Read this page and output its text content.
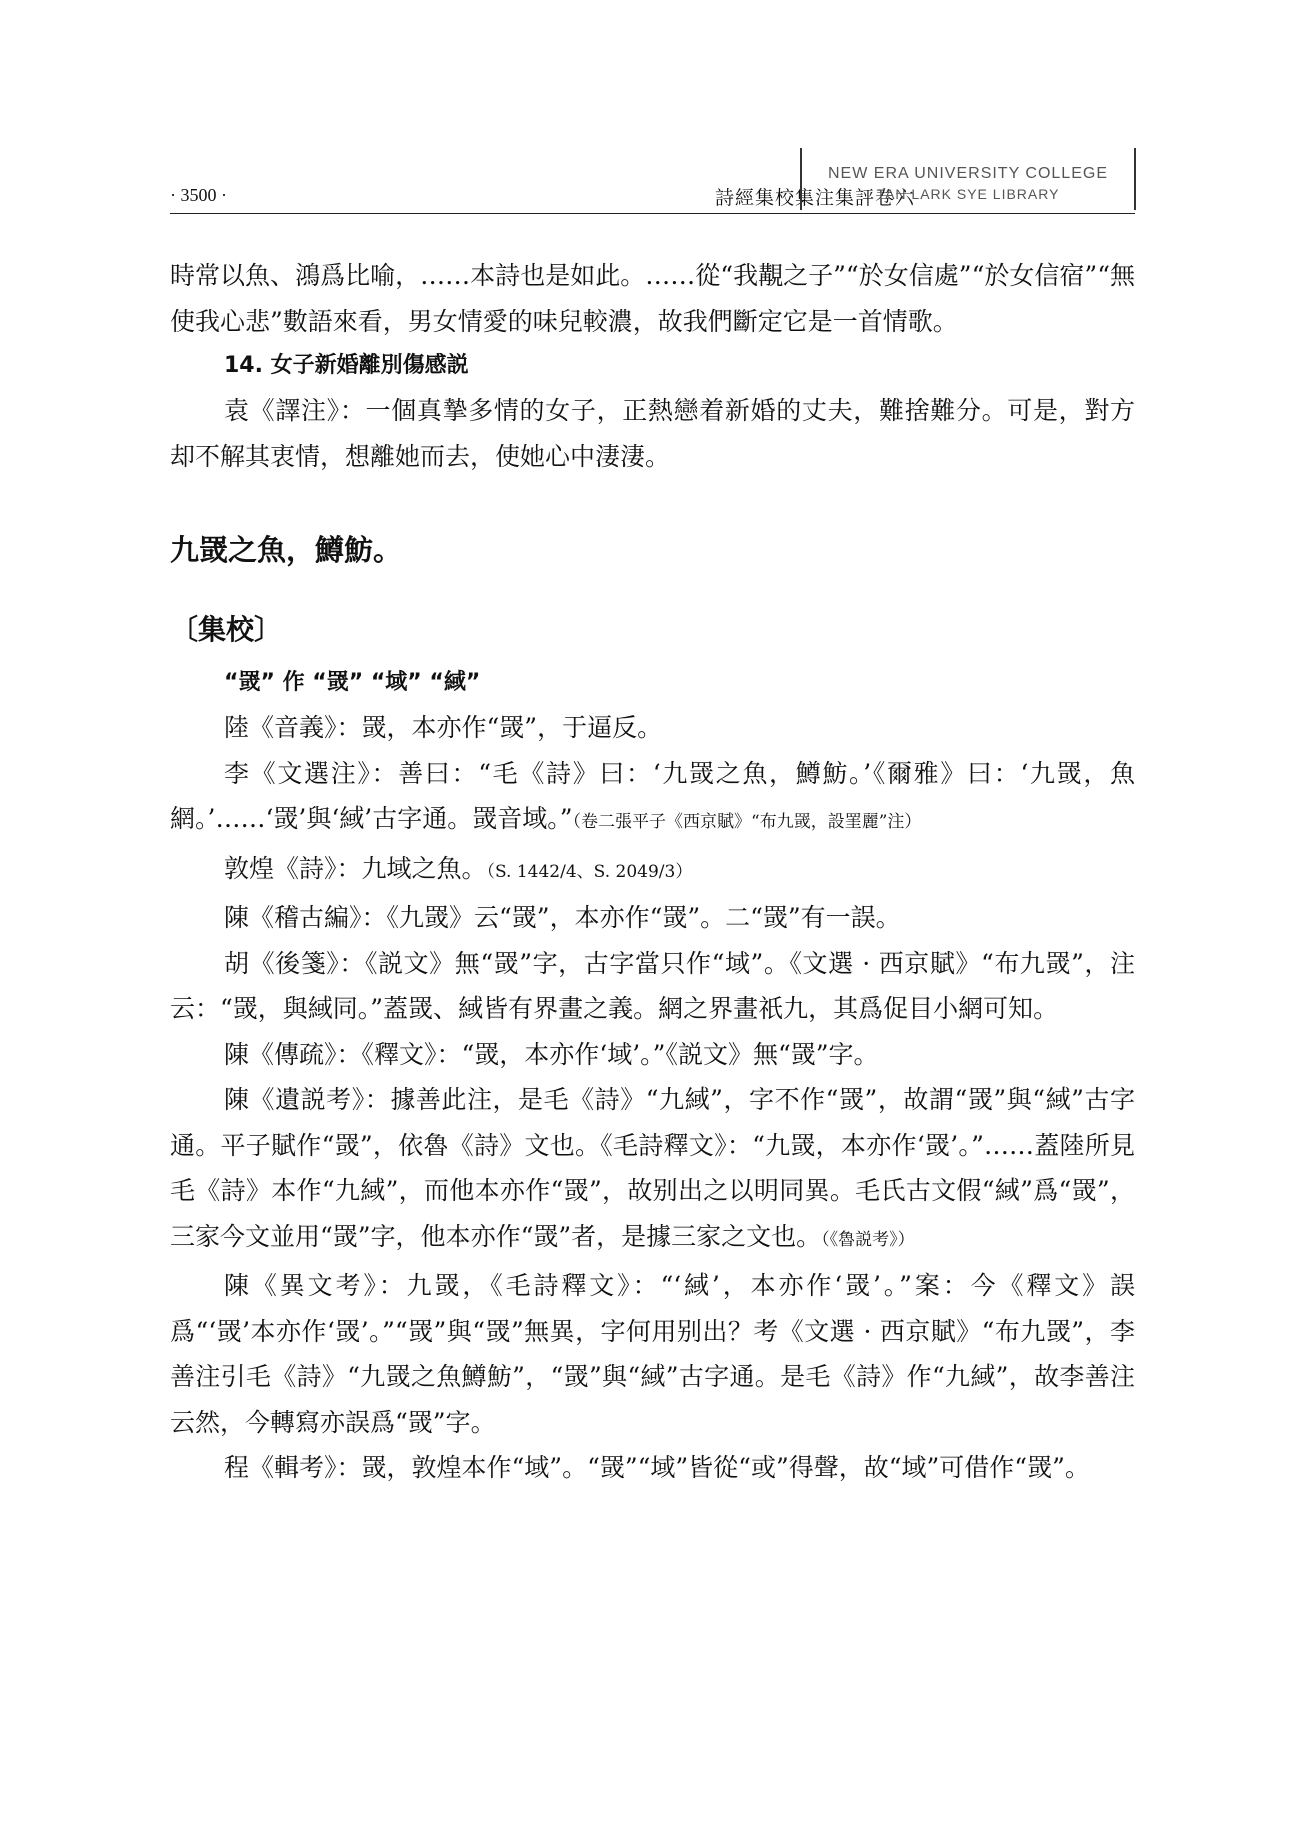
· 3500 ·	詩經集校集注集評卷六
NEW ERA UNIVERSITY COLLEGE
TAN LARK SYE LIBRARY

時常以魚、鴻爲比喻，……本詩也是如此。……從“我覯之子”“於女信處”“於女信宿”“無使我心悲”數語來看，男女情愛的味兒較濃，故我們斷定它是一首情歌。

14. 女子新婚離別傷感説

袁《譯注》：一個真摯多情的女子，正熱戀着新婚的丈夫，難捨難分。可是，對方却不解其衷情，想離她而去，使她心中淒淒。

九罭之魚，鱒魴。
〔集校〕
“罭” 作 “罭” “域” “緎”

陸《音義》：罭，本亦作“罭”，于逼反。

李《文選注》：善曰：“毛《詩》曰：‘九罭之魚，鱒魴。’《爾雅》曰：‘九罭，魚網。’……‘罭’與‘緎’古字通。罭音域。”（卷二張平子《西京賦》“布九罭，設罣麗”注）

敦煌《詩》：九域之魚。（S. 1442/4、S. 2049/3）

陳《稽古編》：《九罭》云“罭”，本亦作“罭”。二“罭”有一誤。

胡《後箋》：《説文》無“罭”字，古字當只作“域”。《文選 · 西京賦》“布九罭”，注云：“罭，與緎同。”蓋罭、緎皆有界畫之義。網之界畫祇九，其爲促目小網可知。

陳《傳疏》：《釋文》：“罭，本亦作‘域’。”《説文》無“罭”字。

陳《遺説考》：據善此注，是毛《詩》“九緎”，字不作“罭”，故謂“罭”與“緎”古字通。平子賦作“罭”，依魯《詩》文也。《毛詩釋文》：“九罭，本亦作‘罭’。”……蓋陸所見毛《詩》本作“九緎”，而他本亦作“罭”，故别出之以明同異。毛氏古文假“緎”爲“罭”，三家今文並用“罭”字，他本亦作“罭”者，是據三家之文也。（《魯説考》）

陳《異文考》：九罭，《毛詩釋文》：“‘緎’，本亦作‘罭’。”案：今《釋文》誤爲“‘罭’本亦作‘罭’。”“罭”與“罭”無異，字何用别出？考《文選 · 西京賦》“布九罭”，李善注引毛《詩》“九罭之魚鱒魴”，“罭”與“緎”古字通。是毛《詩》作“九緎”，故李善注云然，今轉寫亦誤爲“罭”字。

程《輯考》：罭，敦煌本作“域”。“罭”“域”皆從“或”得聲，故“域”可借作“罭”。
